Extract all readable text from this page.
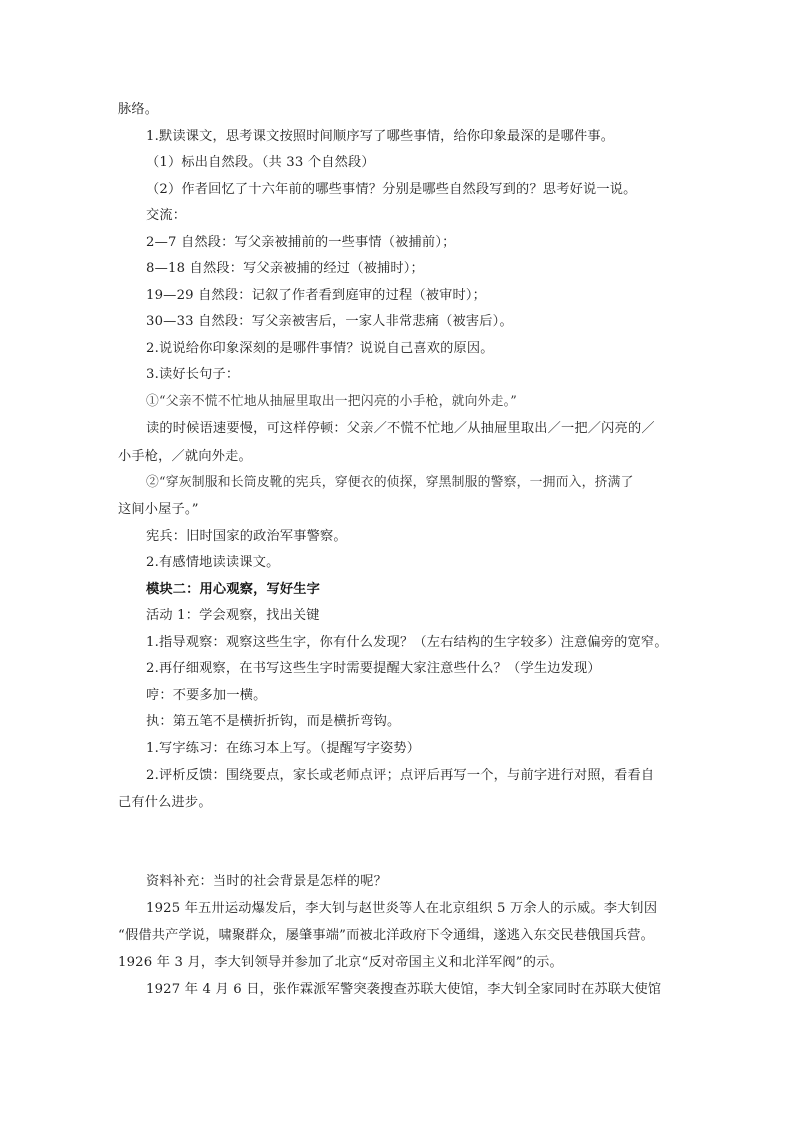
脉络。
1.默读课文，思考课文按照时间顺序写了哪些事情，给你印象最深的是哪件事。
（1）标出自然段。（共 33 个自然段）
（2）作者回忆了十六年前的哪些事情？分别是哪些自然段写到的？思考好说一说。
交流：
2—7 自然段：写父亲被捕前的一些事情（被捕前）；
8—18 自然段：写父亲被捕的经过（被捕时）；
19—29 自然段：记叙了作者看到庭审的过程（被审时）；
30—33 自然段：写父亲被害后，一家人非常悲痛（被害后）。
2.说说给你印象深刻的是哪件事情？说说自己喜欢的原因。
3.读好长句子：
①“父亲不慌不忙地从抽屉里取出一把闪亮的小手枪，就向外走。”
读的时候语速要慢，可这样停顿：父亲／不慌不忙地／从抽屉里取出／一把／闪亮的／
小手枪，／就向外走。
②“穿灰制服和长筒皮靴的宪兵，穿便衣的侦探，穿黑制服的警察，一拥而入，挤满了
这间小屋子。”
宪兵：旧时国家的政治军事警察。
2.有感情地读读课文。
模块二：用心观察，写好生字
活动 1：学会观察，找出关键
1.指导观察：观察这些生字，你有什么发现？（左右结构的生字较多）注意偏旁的宽窄。
2.再仔细观察，在书写这些生字时需要提醒大家注意些什么？（学生边发现）
哼：不要多加一横。
执：第五笔不是横折折钩，而是横折弯钩。
1.写字练习：在练习本上写。（提醒写字姿势）
2.评析反馈：围绕要点，家长或老师点评；点评后再写一个，与前字进行对照，看看自
己有什么进步。
资料补充：当时的社会背景是怎样的呢？
1925 年五卅运动爆发后，李大钊与赵世炎等人在北京组织 5 万余人的示威。李大钊因
“假借共产学说，啸聚群众，屡肇事端”而被北洋政府下令通缉，遂逃入东交民巷俄国兵营。
1926 年 3 月，李大钊领导并参加了北京“反对帝国主义和北洋军阀”的示。
1927 年 4 月 6 日，张作霖派军警突袭搜查苏联大使馆，李大钊全家同时在苏联大使馆
